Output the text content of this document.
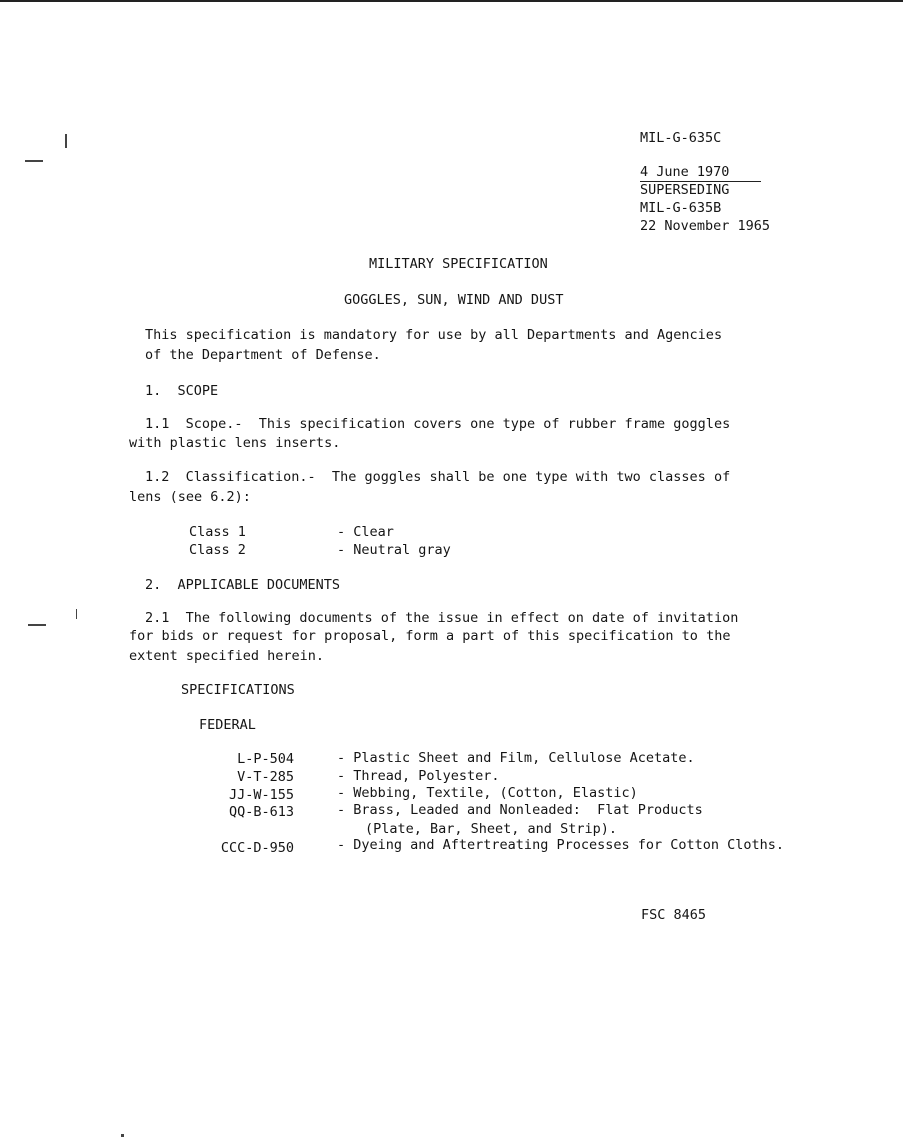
MIL-G-635C
4 June 1970
SUPERSEDING
MIL-G-635B
22 November 1965
MILITARY SPECIFICATION
GOGGLES, SUN, WIND AND DUST
This specification is mandatory for use by all Departments and Agencies
of the Department of Defense.
1.  SCOPE
1.1  Scope.-  This specification covers one type of rubber frame goggles
with plastic lens inserts.
1.2  Classification.-  The goggles shall be one type with two classes of
lens (see 6.2):
Class 1	- Clear
Class 2	- Neutral gray
2.  APPLICABLE DOCUMENTS
2.1  The following documents of the issue in effect on date of invitation
for bids or request for proposal, form a part of this specification to the
extent specified herein.
SPECIFICATIONS
FEDERAL
L-P-504	- Plastic Sheet and Film, Cellulose Acetate.
V-T-285	- Thread, Polyester.
JJ-W-155	- Webbing, Textile, (Cotton, Elastic)
QQ-B-613	- Brass, Leaded and Nonleaded:  Flat Products
(Plate, Bar, Sheet, and Strip).
CCC-D-950	- Dyeing and Aftertreating Processes for Cotton Cloths.
FSC 8465
